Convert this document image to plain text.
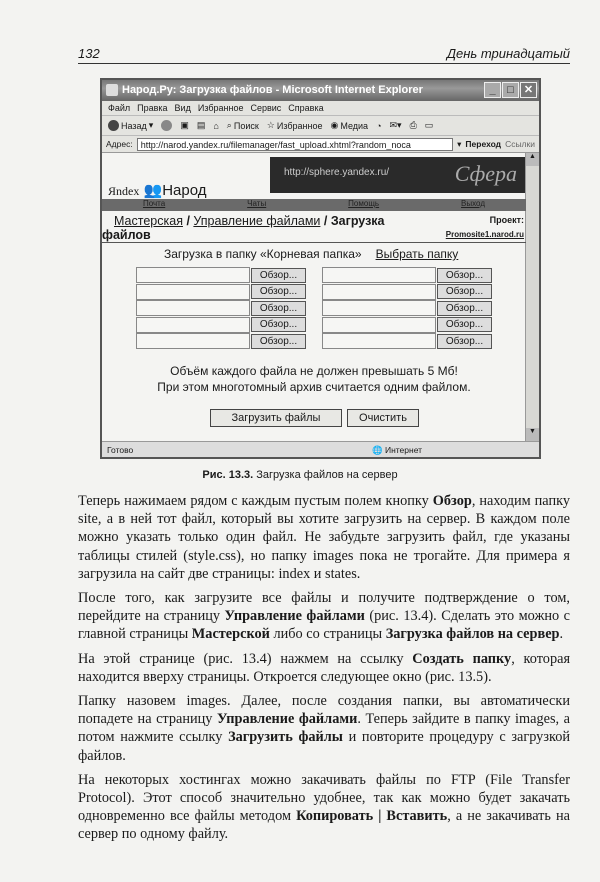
132	День тринадцатый
Народ.Ру: Загрузка файлов - Microsoft Internet Explorer	_	□ ✕
Файл Правка Вид Избранное Сервис Справка
Назад ▾	▣ ▤ ⌂ ⌕ Поиск ☆ Избранное ◉ Медиа ◔ ✉▾ ⎙ ▭
Адрес: http://narod.yandex.ru/filemanager/fast_upload.xhtml?random_noca	▾ Переход Ссылки
Яndex 👥Народ
http://sphere.yandex.ru/	Сфера
Почта	Чаты	Помощь	Выход
Мастерская / Управление файлами / Загрузка
файлов
Проект:
Promosite1.narod.ru
Загрузка в папку «Корневая папка» Выбрать папку
Обзор...	Обзор...
Обзор...	Обзор...
Обзор...	Обзор...
Обзор...	Обзор...
Обзор...	Обзор...
Объём каждого файла не должен превышать 5 Мб!
При этом многотомный архив считается одним файлом.
Загрузить файлы	Очистить
▲
▼
Готово	🌐 Интернет
Рис. 13.3. Загрузка файлов на сервер

Теперь нажимаем рядом с каждым пустым полем кнопку Обзор, находим папку site, а в ней тот файл, который вы хотите загрузить на сервер. В каждом поле можно указать только один файл. Не забудьте загрузить файл, где указаны таблицы стилей (style.css), но папку images пока не трогайте. Для примера я загрузила на сайт две страницы: index и states.

После того, как загрузите все файлы и получите подтверждение о том, перейдите на страницу Управление файлами (рис. 13.4). Сделать это можно с главной страницы Мастерской либо со страницы Загрузка файлов на сервер.

На этой странице (рис. 13.4) нажмем на ссылку Создать папку, которая находится вверху страницы. Откроется следующее окно (рис. 13.5).

Папку назовем images. Далее, после создания папки, вы автоматически попадете на страницу Управление файлами. Теперь зайдите в папку images, а потом нажмите ссылку Загрузить файлы и повторите процедуру с загрузкой файлов.

На некоторых хостингах можно закачивать файлы по FTP (File Transfer Protocol). Этот способ значительно удобнее, так как можно будет закачать одновременно все файлы методом Копировать | Вставить, а не закачивать на сервер по одному файлу.
